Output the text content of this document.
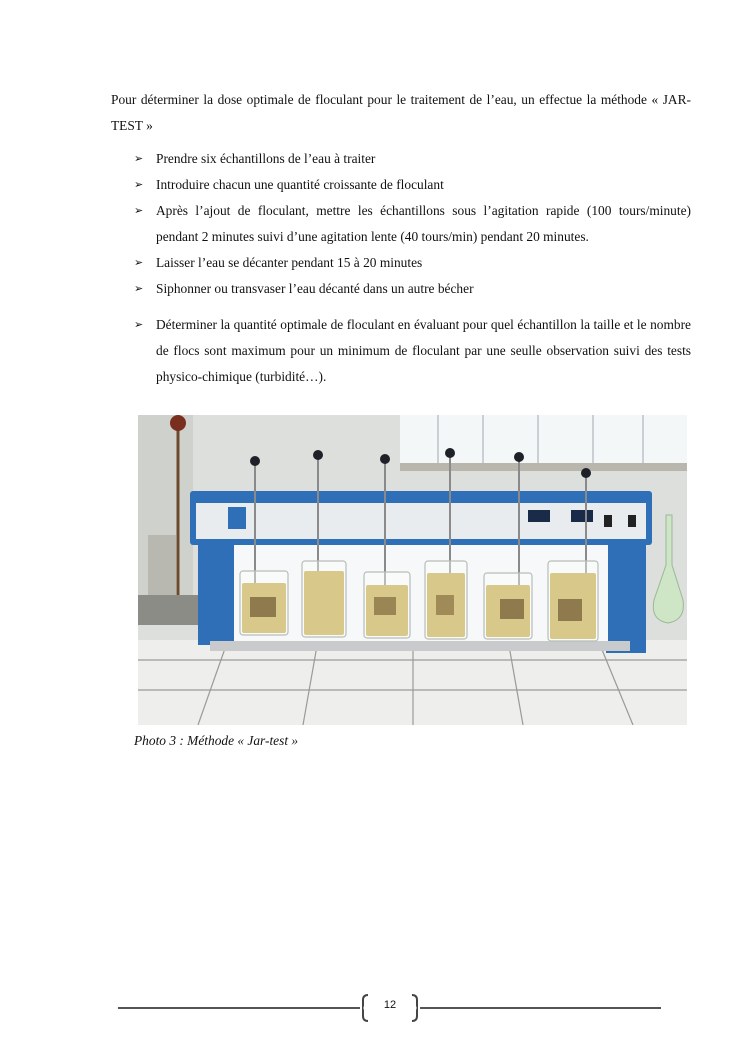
Pour déterminer la dose optimale de floculant pour le traitement de l’eau, un effectue la méthode « JAR-TEST »

➢ Prendre six échantillons de l’eau à traiter
➢ Introduire chacun une quantité croissante de floculant
➢ Après l’ajout de floculant, mettre les échantillons sous l’agitation rapide (100 tours/minute) pendant 2 minutes suivi d’une agitation lente (40 tours/min) pendant 20 minutes.
➢ Laisser l’eau se décanter pendant 15 à 20 minutes
➢ Siphonner ou transvaser l’eau décanté dans un autre bécher
➢ Déterminer la quantité optimale de floculant en évaluant pour quel échantillon la taille et le nombre de flocs sont maximum pour un minimum de floculant par une seulle observation suivi des tests physico-chimique (turbidité…).
Photo 3 : Méthode « Jar-test »
12
